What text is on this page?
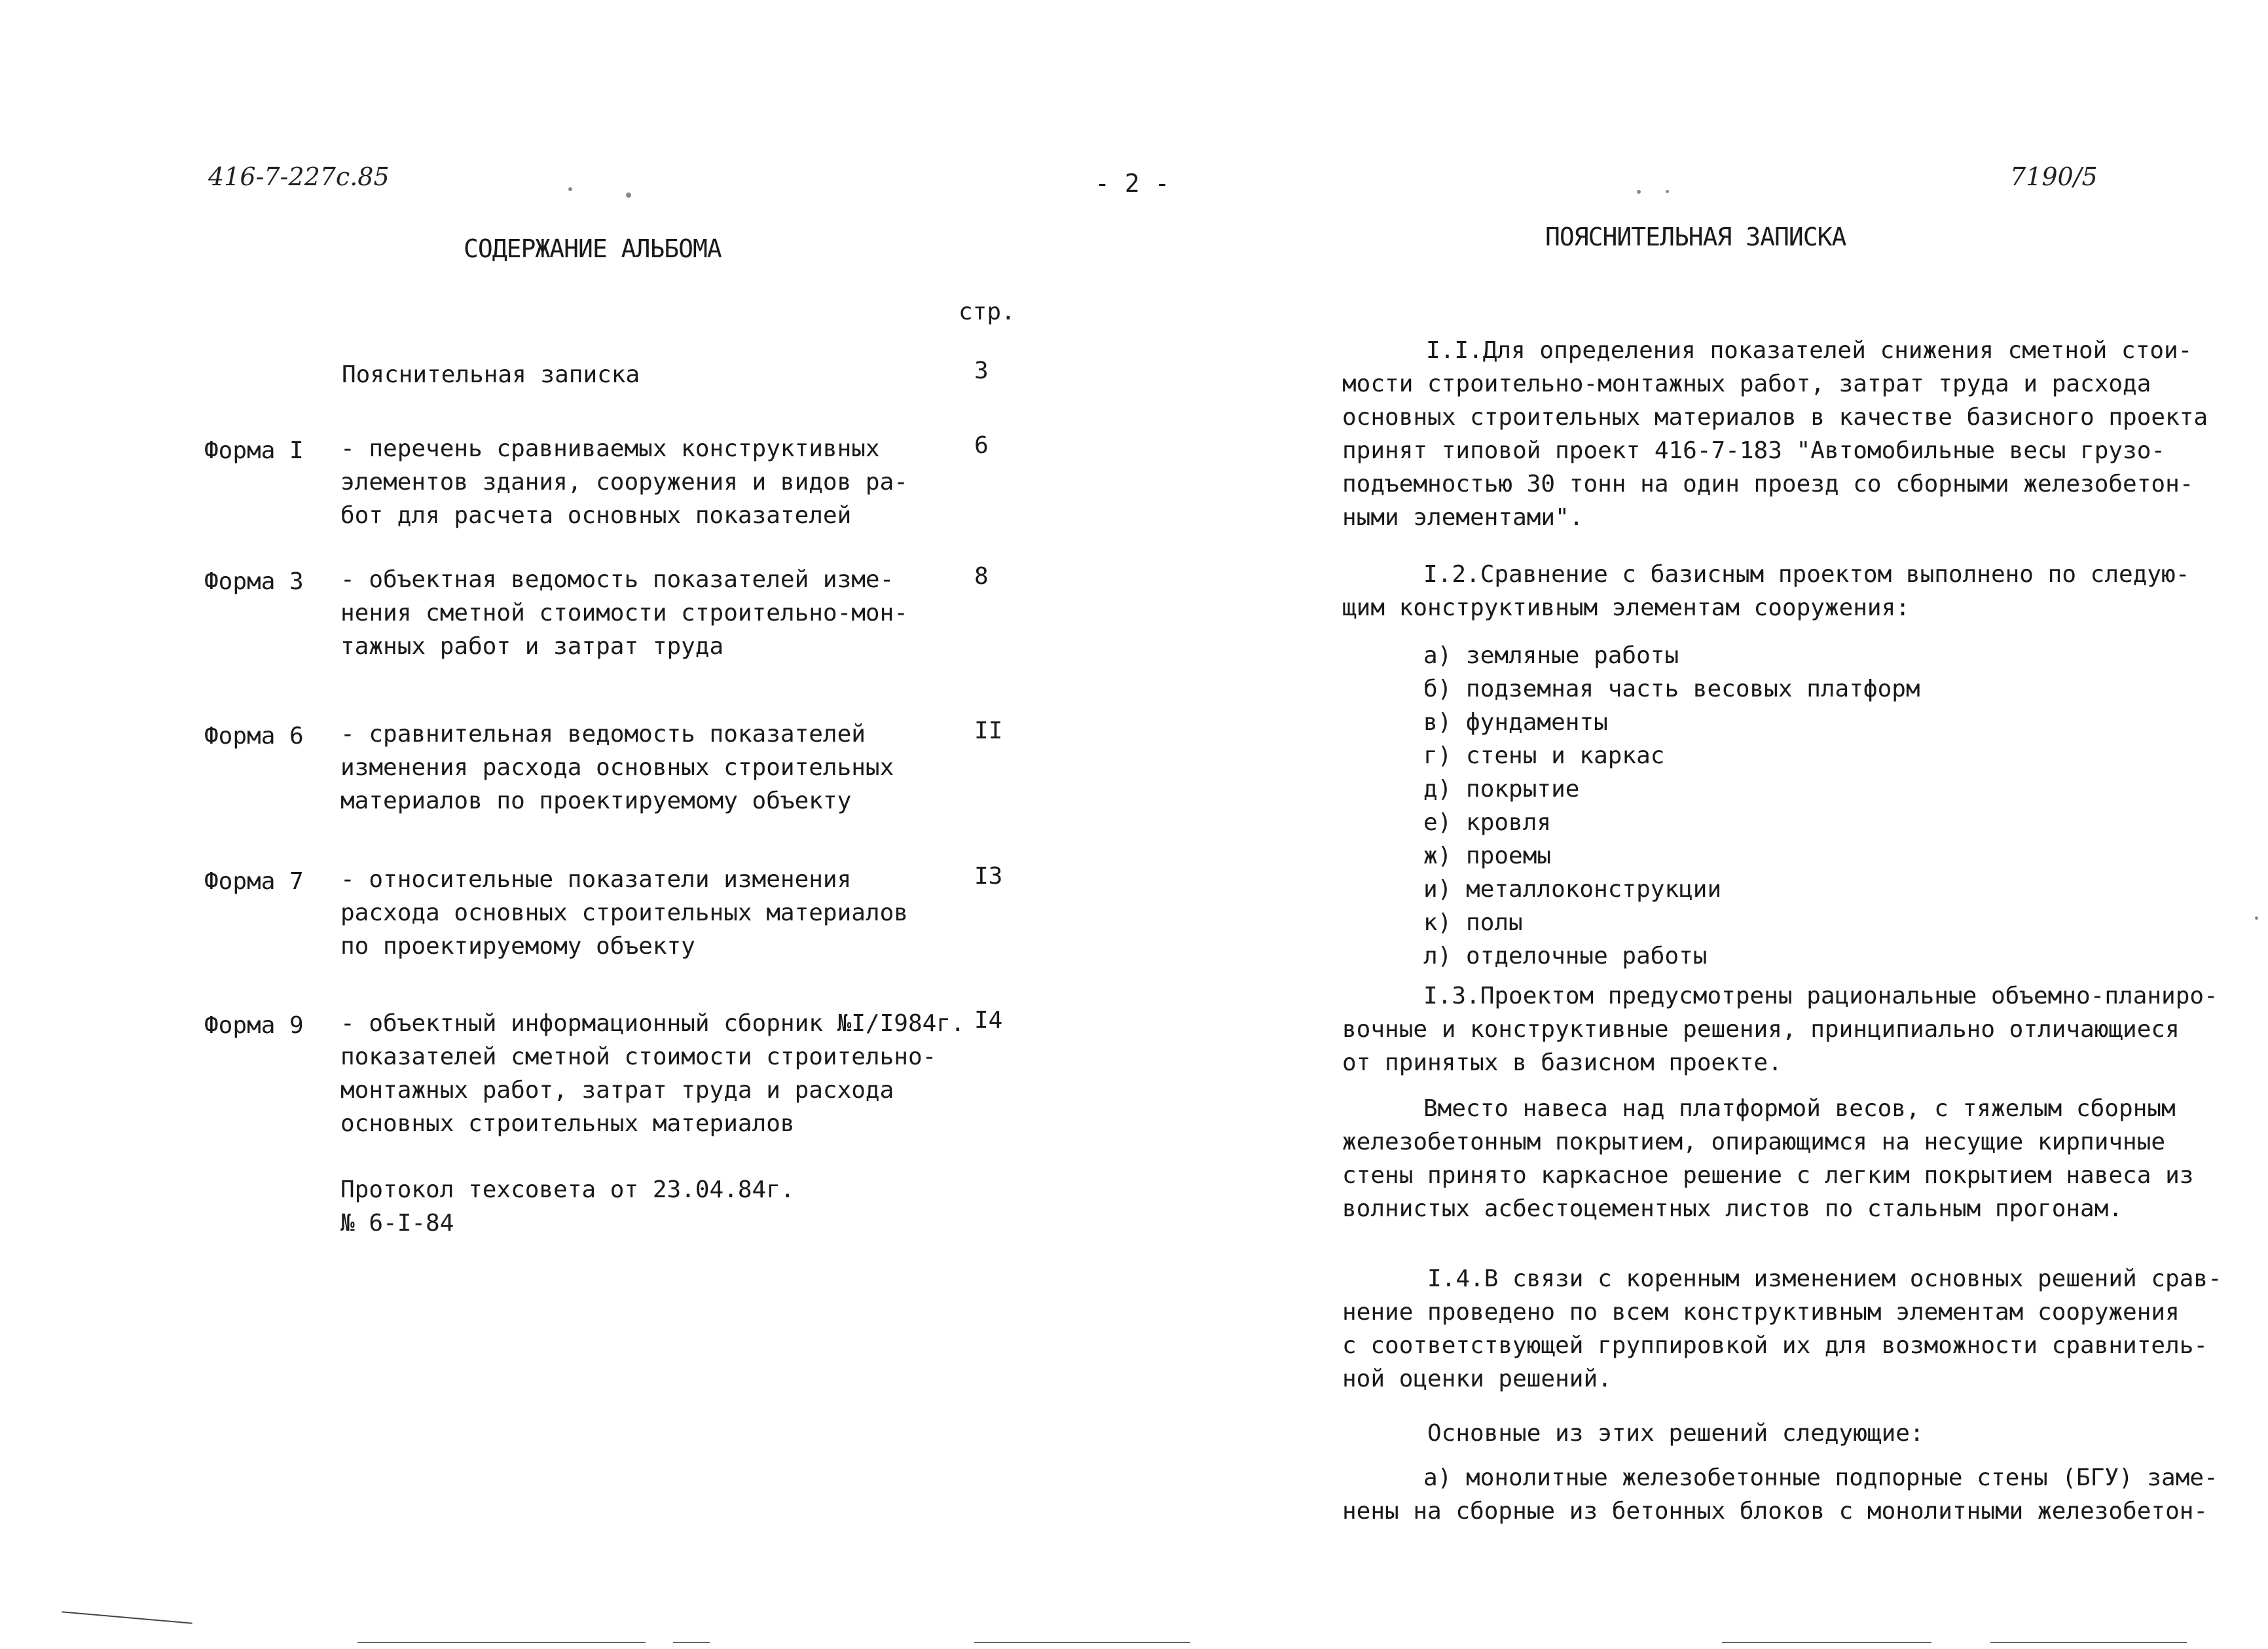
416-7-227с.85	- 2 -	7190/5
СОДЕРЖАНИЕ АЛЬБОМА
стр.
Пояснительная записка	3
Форма I - перечень сравниваемых конструктивных
элементов здания, сооружения и видов ра-
бот для расчета основных показателей
6
Форма 3 - объектная ведомость показателей изме-
нения сметной стоимости строительно-мон-
тажных работ и затрат труда
8
Форма 6 - сравнительная ведомость показателей
изменения расхода основных строительных
материалов по проектируемому объекту
II
Форма 7 - относительные показатели изменения
расхода основных строительных материалов
по проектируемому объекту
I3
Форма 9 - объектный информационный сборник №I/I984г.
показателей сметной стоимости строительно-
монтажных работ, затрат труда и расхода
основных строительных материалов
I4
Протокол техсовета от 23.04.84г.
№ 6-I-84
ПОЯСНИТЕЛЬНАЯ ЗАПИСКА
I.I.Для определения показателей снижения сметной стои-
мости строительно-монтажных работ, затрат труда и расхода
основных строительных материалов в качестве базисного проекта
принят типовой проект 416-7-183 "Автомобильные весы грузо-
подъемностью 30 тонн на один проезд со сборными железобетон-
ными элементами".
I.2.Сравнение с базисным проектом выполнено по следую-
щим конструктивным элементам сооружения:
а) земляные работы
б) подземная часть весовых платформ
в) фундаменты
г) стены и каркас
д) покрытие
е) кровля
ж) проемы
и) металлоконструкции
к) полы
л) отделочные работы
I.3.Проектом предусмотрены рациональные объемно-планиро-
вочные и конструктивные решения, принципиально отличающиеся
от принятых в базисном проекте.
Вместо навеса над платформой весов, с тяжелым сборным
железобетонным покрытием, опирающимся на несущие кирпичные
стены принято каркасное решение с легким покрытием навеса из
волнистых асбестоцементных листов по стальным прогонам.
I.4.В связи с коренным изменением основных решений срав-
нение проведено по всем конструктивным элементам сооружения
с соответствующей группировкой их для возможности сравнитель-
ной оценки решений.
Основные из этих решений следующие:
а) монолитные железобетонные подпорные стены (БГУ) заме-
нены на сборные из бетонных блоков с монолитными железобетон-
